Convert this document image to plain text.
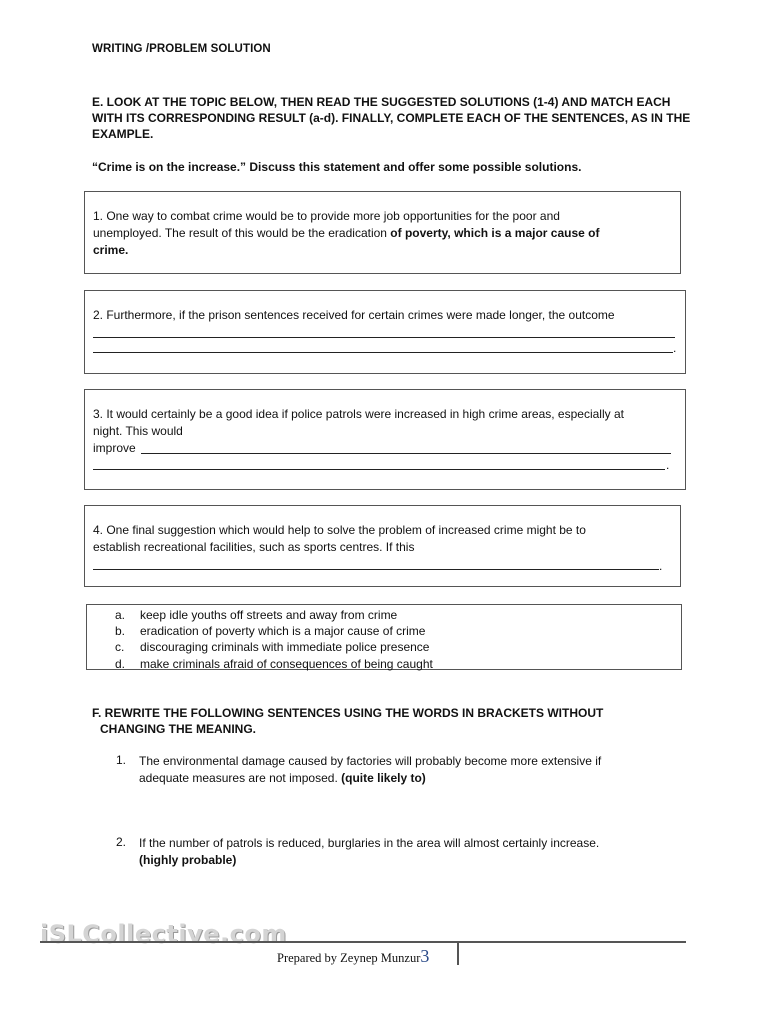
WRITING /PROBLEM SOLUTION
E. LOOK AT THE TOPIC BELOW, THEN READ THE SUGGESTED SOLUTIONS (1-4) AND MATCH EACH
WITH ITS CORRESPONDING RESULT (a-d). FINALLY, COMPLETE EACH OF THE SENTENCES, AS IN THE
EXAMPLE.
“Crime is on the increase.” Discuss this statement and offer some possible solutions.

1. One way to combat crime would be to provide more job opportunities for the poor and

unemployed. The result of this would be the eradication of poverty, which is a major cause of

crime.

2. Furthermore, if the prison sentences received for certain crimes were made longer, the outcome

.

3. It would certainly be a good idea if police patrols were increased in high crime areas, especially at

night. This would

improve

.

4. One final suggestion which would help to solve the problem of increased crime might be to

establish recreational facilities, such as sports centres. If this

.
a. keep idle youths off streets and away from crime
b. eradication of poverty which is a major cause of crime
c. discouraging criminals with immediate police presence
d. make criminals afraid of consequences of being caught
F. REWRITE THE FOLLOWING SENTENCES USING THE WORDS IN BRACKETS WITHOUT
CHANGING THE MEANING.
1. The environmental damage caused by factories will probably become more extensive if
adequate measures are not imposed. (quite likely to)
2. If the number of patrols is reduced, burglaries in the area will almost certainly increase.
(highly probable)
iSLCollective.com
Prepared by Zeynep Munzur3
